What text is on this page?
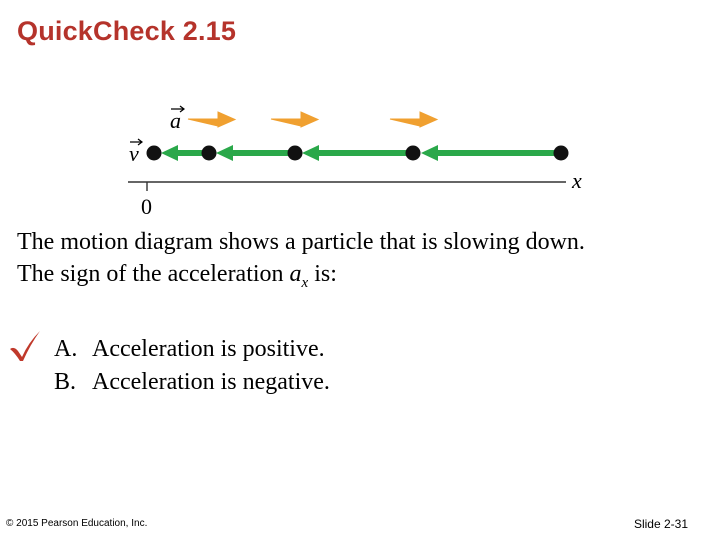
QuickCheck 2.15
a
v
x
0
The motion diagram shows a particle that is slowing down.
The sign of the acceleration $a_x$ is:
A. Acceleration is positive.
B. Acceleration is negative.
© 2015 Pearson Education, Inc.	Slide 2-31
